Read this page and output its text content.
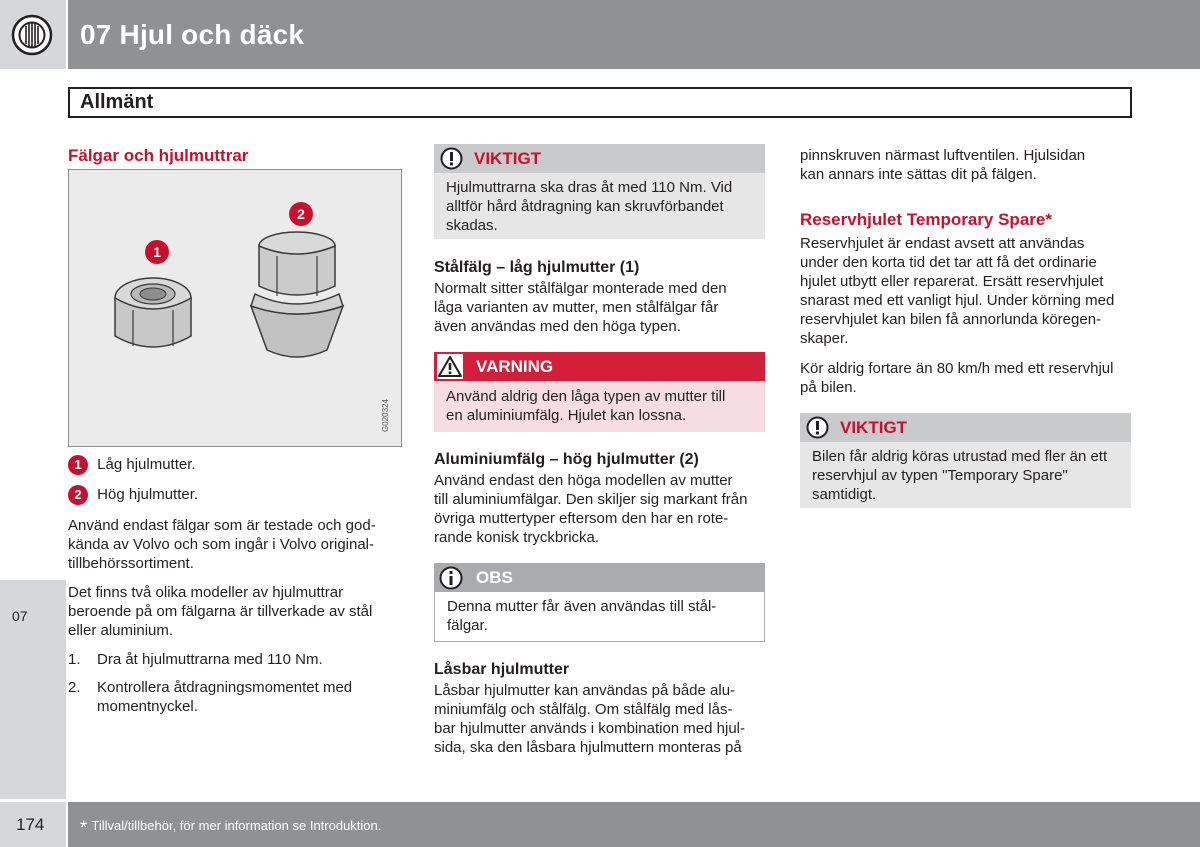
07 Hjul och däck
Allmänt
07
Fälgar och hjulmuttrar
1
2
G020324
1 Låg hjulmutter.
2 Hög hjulmutter.
Använd endast fälgar som är testade och god-
kända av Volvo och som ingår i Volvo original-
tillbehörssortiment.
Det finns två olika modeller av hjulmuttrar
beroende på om fälgarna är tillverkade av stål
eller aluminium.
1. Dra åt hjulmuttrarna med 110 Nm.
2. Kontrollera åtdragningsmomentet med
momentnyckel.
VIKTIGT
Hjulmuttrarna ska dras åt med 110 Nm. Vid
alltför hård åtdragning kan skruvförbandet
skadas.
Stålfälg – låg hjulmutter (1)
Normalt sitter stålfälgar monterade med den
låga varianten av mutter, men stålfälgar får
även användas med den höga typen.
VARNING
Använd aldrig den låga typen av mutter till
en aluminiumfälg. Hjulet kan lossna.
Aluminiumfälg – hög hjulmutter (2)
Använd endast den höga modellen av mutter
till aluminiumfälgar. Den skiljer sig markant från
övriga muttertyper eftersom den har en rote-
rande konisk tryckbricka.
OBS
Denna mutter får även användas till stål-
fälgar.
Låsbar hjulmutter
Låsbar hjulmutter kan användas på både alu-
miniumfälg och stålfälg. Om stålfälg med lås-
bar hjulmutter används i kombination med hjul-
sida, ska den låsbara hjulmuttern monteras på
pinnskruven närmast luftventilen. Hjulsidan
kan annars inte sättas dit på fälgen.
Reservhjulet Temporary Spare*
Reservhjulet är endast avsett att användas
under den korta tid det tar att få det ordinarie
hjulet utbytt eller reparerat. Ersätt reservhjulet
snarast med ett vanligt hjul. Under körning med
reservhjulet kan bilen få annorlunda köregen-
skaper.
Kör aldrig fortare än 80 km/h med ett reservhjul
på bilen.
VIKTIGT
Bilen får aldrig köras utrustad med fler än ett
reservhjul av typen "Temporary Spare"
samtidigt.
174 * Tillval/tillbehör, för mer information se Introduktion.
